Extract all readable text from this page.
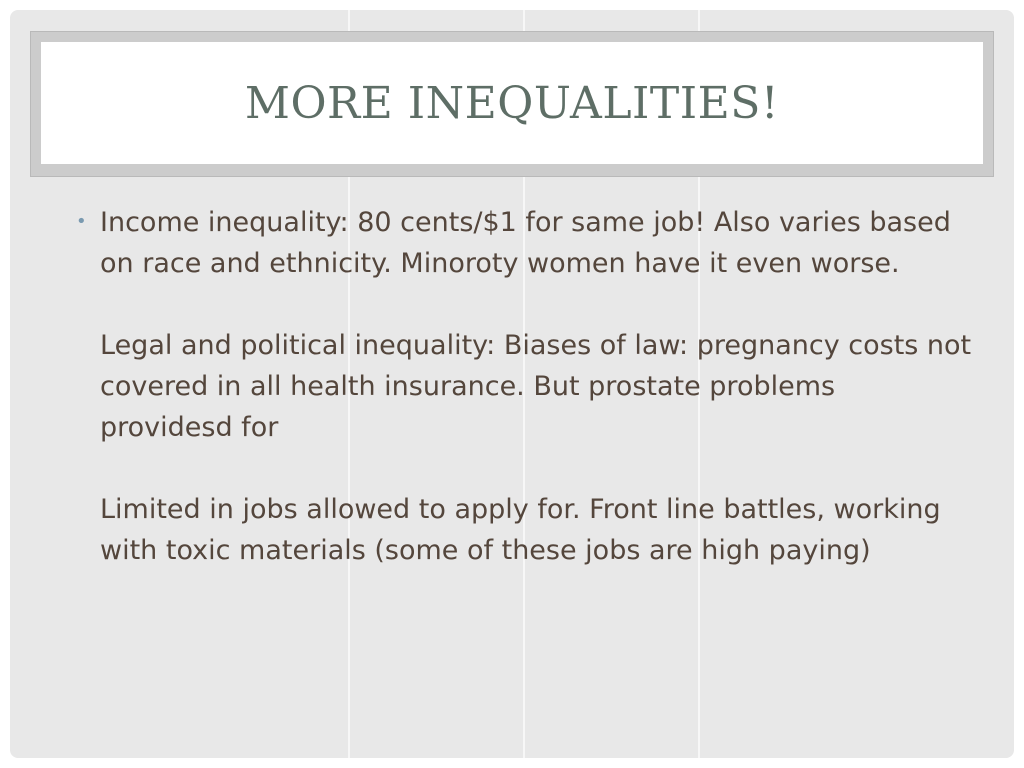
MORE INEQUALITIES!
• Income inequality: 80 cents/$1 for same job! Also varies based on race and ethnicity. Minoroty women have it even worse.

Legal and political inequality: Biases of law: pregnancy costs not covered in all health insurance. But prostate problems providesd for

Limited in jobs allowed to apply for. Front line battles, working with toxic materials (some of these jobs are high paying)
